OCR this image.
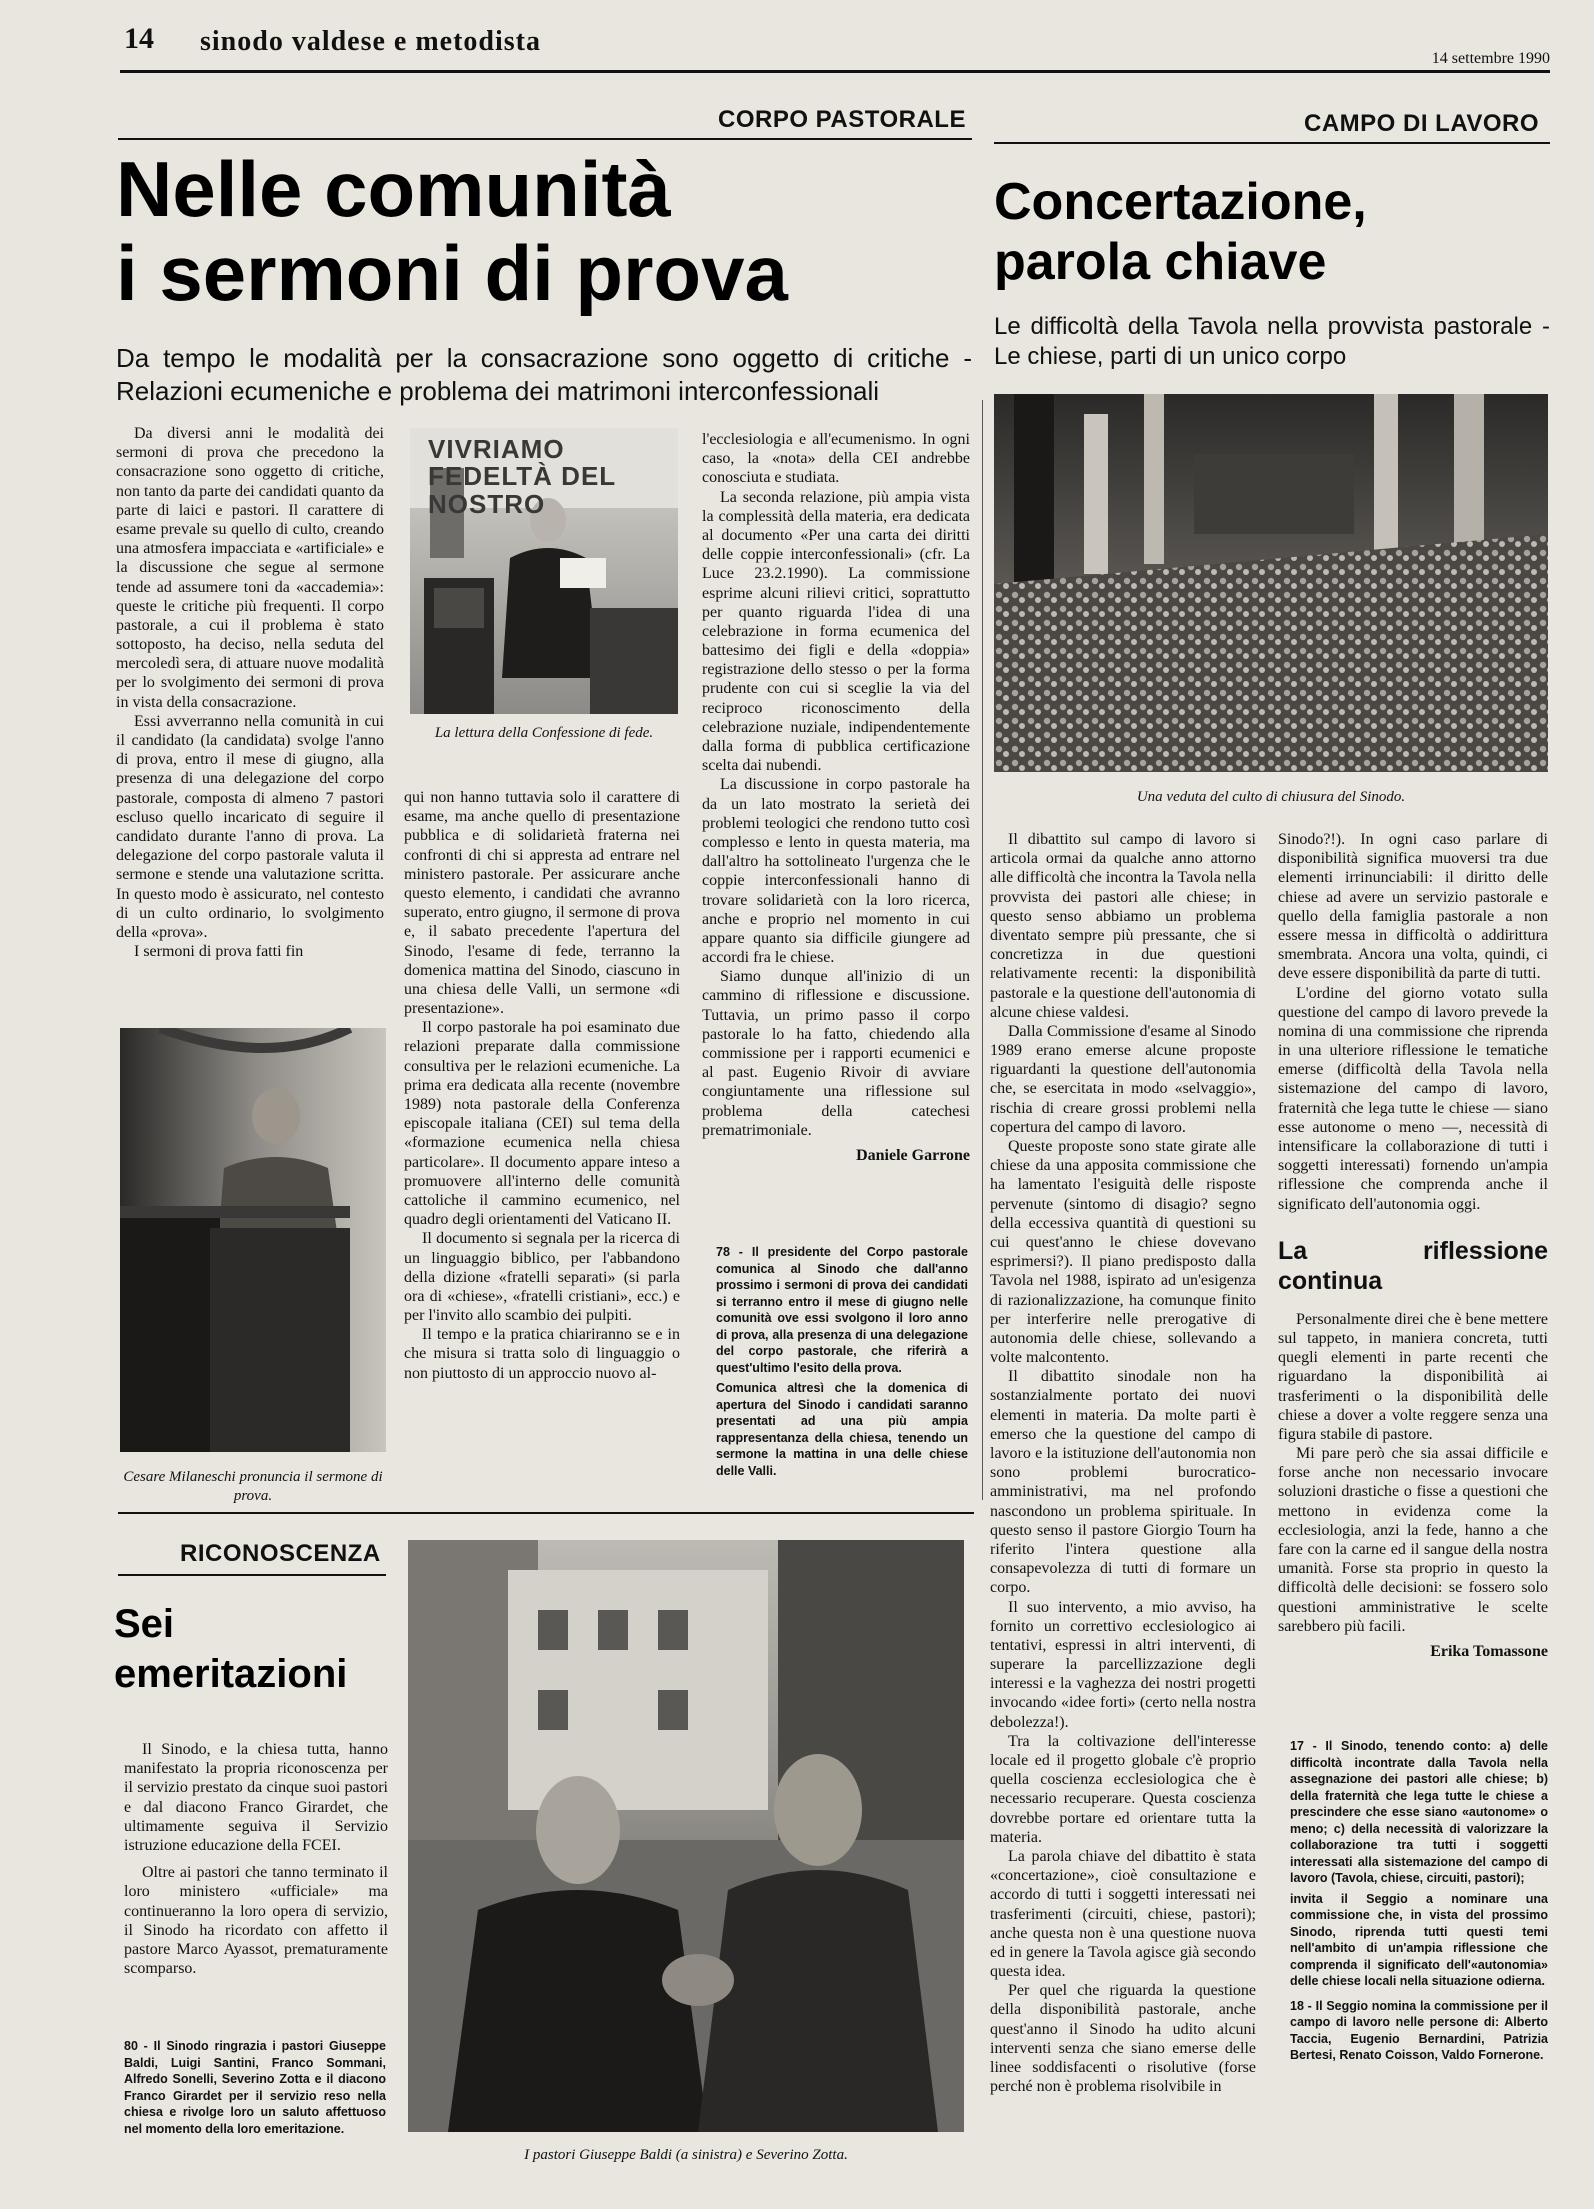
14 sinodo valdese e metodista
14 settembre 1990
CORPO PASTORALE	CAMPO DI LAVORO
Nelle comunità
i sermoni di prova

Da tempo le modalità per la consacrazione sono oggetto di critiche - Relazioni ecumeniche e problema dei matrimoni interconfessionali

Da diversi anni le modalità dei sermoni di prova che precedono la consacrazione sono oggetto di critiche, non tanto da parte dei candidati quanto da parte di laici e pastori. Il carattere di esame prevale su quello di culto, creando una atmosfera impacciata e «artificiale» e la discussione che segue al sermone tende ad assumere toni da «accademia»: queste le critiche più frequenti. Il corpo pastorale, a cui il problema è stato sottoposto, ha deciso, nella seduta del mercoledì sera, di attuare nuove modalità per lo svolgimento dei sermoni di prova in vista della consacrazione.

Essi avverranno nella comunità in cui il candidato (la candidata) svolge l'anno di prova, entro il mese di giugno, alla presenza di una delegazione del corpo pastorale, composta di almeno 7 pastori escluso quello incaricato di seguire il candidato durante l'anno di prova. La delegazione del corpo pastorale valuta il sermone e stende una valutazione scritta. In questo modo è assicurato, nel contesto di un culto ordinario, lo svolgimento della «prova».

I sermoni di prova fatti fin

VIVRIAMO FEDELTÀ DEL NOSTRO
La lettura della Confessione di fede.

qui non hanno tuttavia solo il carattere di esame, ma anche quello di presentazione pubblica e di solidarietà fraterna nei confronti di chi si appresta ad entrare nel ministero pastorale. Per assicurare anche questo elemento, i candidati che avranno superato, entro giugno, il sermone di prova e, il sabato precedente l'apertura del Sinodo, l'esame di fede, terranno la domenica mattina del Sinodo, ciascuno in una chiesa delle Valli, un sermone «di presentazione».

Il corpo pastorale ha poi esaminato due relazioni preparate dalla commissione consultiva per le relazioni ecumeniche. La prima era dedicata alla recente (novembre 1989) nota pastorale della Conferenza episcopale italiana (CEI) sul tema della «formazione ecumenica nella chiesa particolare». Il documento appare inteso a promuovere all'interno delle comunità cattoliche il cammino ecumenico, nel quadro degli orientamenti del Vaticano II.

Il documento si segnala per la ricerca di un linguaggio biblico, per l'abbandono della dizione «fratelli separati» (si parla ora di «chiese», «fratelli cristiani», ecc.) e per l'invito allo scambio dei pulpiti.

Il tempo e la pratica chiariranno se e in che misura si tratta solo di linguaggio o non piuttosto di un approccio nuovo al-

l'ecclesiologia e all'ecumenismo. In ogni caso, la «nota» della CEI andrebbe conosciuta e studiata.

La seconda relazione, più ampia vista la complessità della materia, era dedicata al documento «Per una carta dei diritti delle coppie interconfessionali» (cfr. La Luce 23.2.1990). La commissione esprime alcuni rilievi critici, soprattutto per quanto riguarda l'idea di una celebrazione in forma ecumenica del battesimo dei figli e della «doppia» registrazione dello stesso o per la forma prudente con cui si sceglie la via del reciproco riconoscimento della celebrazione nuziale, indipendentemente dalla forma di pubblica certificazione scelta dai nubendi.

La discussione in corpo pastorale ha da un lato mostrato la serietà dei problemi teologici che rendono tutto così complesso e lento in questa materia, ma dall'altro ha sottolineato l'urgenza che le coppie interconfessionali hanno di trovare solidarietà con la loro ricerca, anche e proprio nel momento in cui appare quanto sia difficile giungere ad accordi fra le chiese.

Siamo dunque all'inizio di un cammino di riflessione e discussione. Tuttavia, un primo passo il corpo pastorale lo ha fatto, chiedendo alla commissione per i rapporti ecumenici e al past. Eugenio Rivoir di avviare congiuntamente una riflessione sul problema della catechesi prematrimoniale.

Daniele Garrone

78 - Il presidente del Corpo pastorale comunica al Sinodo che dall'anno prossimo i sermoni di prova dei candidati si terranno entro il mese di giugno nelle comunità ove essi svolgono il loro anno di prova, alla presenza di una delegazione del corpo pastorale, che riferirà a quest'ultimo l'esito della prova.

Comunica altresì che la domenica di apertura del Sinodo i candidati saranno presentati ad una più ampia rappresentanza della chiesa, tenendo un sermone la mattina in una delle chiese delle Valli.

Cesare Milaneschi pronuncia il sermone di prova.
RICONOSCENZA
Sei
emeritazioni

Il Sinodo, e la chiesa tutta, hanno manifestato la propria riconoscenza per il servizio prestato da cinque suoi pastori e dal diacono Franco Girardet, che ultimamente seguiva il Servizio istruzione educazione della FCEI.

Oltre ai pastori che tanno terminato il loro ministero «ufficiale» ma continueranno la loro opera di servizio, il Sinodo ha ricordato con affetto il pastore Marco Ayassot, prematuramente scomparso.

80 - Il Sinodo ringrazia i pastori Giuseppe Baldi, Luigi Santini, Franco Sommani, Alfredo Sonelli, Severino Zotta e il diacono Franco Girardet per il servizio reso nella chiesa e rivolge loro un saluto affettuoso nel momento della loro emeritazione.

I pastori Giuseppe Baldi (a sinistra) e Severino Zotta.
Concertazione,
parola chiave

Le difficoltà della Tavola nella provvista pastorale - Le chiese, parti di un unico corpo

Una veduta del culto di chiusura del Sinodo.

Il dibattito sul campo di lavoro si articola ormai da qualche anno attorno alle difficoltà che incontra la Tavola nella provvista dei pastori alle chiese; in questo senso abbiamo un problema diventato sempre più pressante, che si concretizza in due questioni relativamente recenti: la disponibilità pastorale e la questione dell'autonomia di alcune chiese valdesi.

Dalla Commissione d'esame al Sinodo 1989 erano emerse alcune proposte riguardanti la questione dell'autonomia che, se esercitata in modo «selvaggio», rischia di creare grossi problemi nella copertura del campo di lavoro.

Queste proposte sono state girate alle chiese da una apposita commissione che ha lamentato l'esiguità delle risposte pervenute (sintomo di disagio? segno della eccessiva quantità di questioni su cui quest'anno le chiese dovevano esprimersi?). Il piano predisposto dalla Tavola nel 1988, ispirato ad un'esigenza di razionalizzazione, ha comunque finito per interferire nelle prerogative di autonomia delle chiese, sollevando a volte malcontento.

Il dibattito sinodale non ha sostanzialmente portato dei nuovi elementi in materia. Da molte parti è emerso che la questione del campo di lavoro e la istituzione dell'autonomia non sono problemi burocratico-amministrativi, ma nel profondo nascondono un problema spirituale. In questo senso il pastore Giorgio Tourn ha riferito l'intera questione alla consapevolezza di tutti di formare un corpo.

Il suo intervento, a mio avviso, ha fornito un correttivo ecclesiologico ai tentativi, espressi in altri interventi, di superare la parcellizzazione degli interessi e la vaghezza dei nostri progetti invocando «idee forti» (certo nella nostra debolezza!).

Tra la coltivazione dell'interesse locale ed il progetto globale c'è proprio quella coscienza ecclesiologica che è necessario recuperare. Questa coscienza dovrebbe portare ed orientare tutta la materia.

La parola chiave del dibattito è stata «concertazione», cioè consultazione e accordo di tutti i soggetti interessati nei trasferimenti (circuiti, chiese, pastori); anche questa non è una questione nuova ed in genere la Tavola agisce già secondo questa idea.

Per quel che riguarda la questione della disponibilità pastorale, anche quest'anno il Sinodo ha udito alcuni interventi senza che siano emerse delle linee soddisfacenti o risolutive (forse perché non è problema risolvibile in

Sinodo?!). In ogni caso parlare di disponibilità significa muoversi tra due elementi irrinunciabili: il diritto delle chiese ad avere un servizio pastorale e quello della famiglia pastorale a non essere messa in difficoltà o addirittura smembrata. Ancora una volta, quindi, ci deve essere disponibilità da parte di tutti.

L'ordine del giorno votato sulla questione del campo di lavoro prevede la nomina di una commissione che riprenda in una ulteriore riflessione le tematiche emerse (difficoltà della Tavola nella sistemazione del campo di lavoro, fraternità che lega tutte le chiese — siano esse autonome o meno —, necessità di intensificare la collaborazione di tutti i soggetti interessati) fornendo un'ampia riflessione che comprenda anche il significato dell'autonomia oggi.

La riflessione continua

Personalmente direi che è bene mettere sul tappeto, in maniera concreta, tutti quegli elementi in parte recenti che riguardano la disponibilità ai trasferimenti o la disponibilità delle chiese a dover a volte reggere senza una figura stabile di pastore.

Mi pare però che sia assai difficile e forse anche non necessario invocare soluzioni drastiche o fisse a questioni che mettono in evidenza come la ecclesiologia, anzi la fede, hanno a che fare con la carne ed il sangue della nostra umanità. Forse sta proprio in questo la difficoltà delle decisioni: se fossero solo questioni amministrative le scelte sarebbero più facili.

Erika Tomassone

17 - Il Sinodo, tenendo conto: a) delle difficoltà incontrate dalla Tavola nella assegnazione dei pastori alle chiese; b) della fraternità che lega tutte le chiese a prescindere che esse siano «autonome» o meno; c) della necessità di valorizzare la collaborazione tra tutti i soggetti interessati alla sistemazione del campo di lavoro (Tavola, chiese, circuiti, pastori);

invita il Seggio a nominare una commissione che, in vista del prossimo Sinodo, riprenda tutti questi temi nell'ambito di un'ampia riflessione che comprenda il significato dell'«autonomia» delle chiese locali nella situazione odierna.

18 - Il Seggio nomina la commissione per il campo di lavoro nelle persone di: Alberto Taccia, Eugenio Bernardini, Patrizia Bertesi, Renato Coisson, Valdo Fornerone.
